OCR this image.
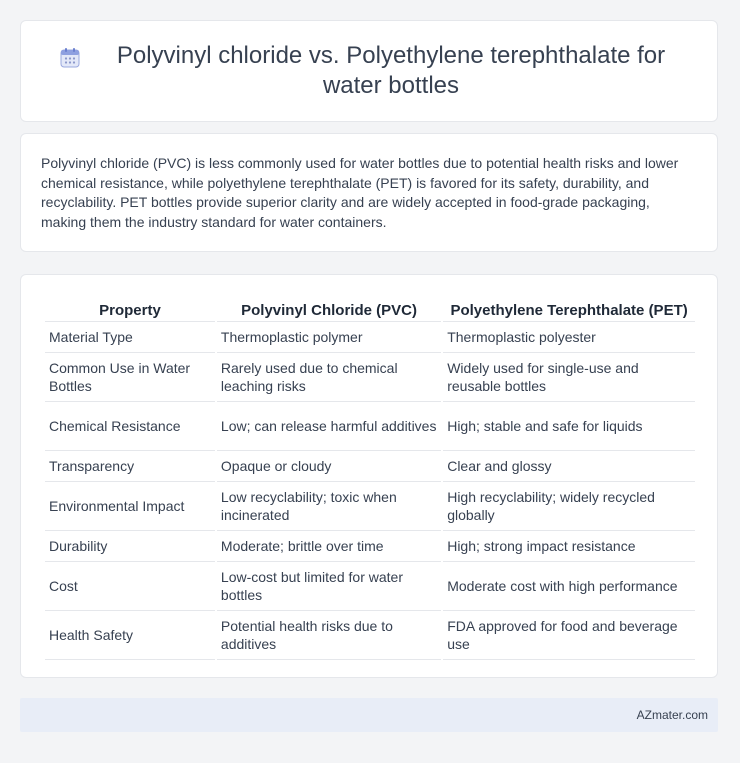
Polyvinyl chloride vs. Polyethylene terephthalate for water bottles

Polyvinyl chloride (PVC) is less commonly used for water bottles due to potential health risks and lower chemical resistance, while polyethylene terephthalate (PET) is favored for its safety, durability, and recyclability. PET bottles provide superior clarity and are widely accepted in food-grade packaging, making them the industry standard for water containers.

Property	Polyvinyl Chloride (PVC)	Polyethylene Terephthalate (PET)
Material Type	Thermoplastic polymer	Thermoplastic polyester
Common Use in Water Bottles	Rarely used due to chemical leaching risks	Widely used for single-use and reusable bottles
Chemical Resistance	Low; can release harmful additives	High; stable and safe for liquids
Transparency	Opaque or cloudy	Clear and glossy
Environmental Impact	Low recyclability; toxic when incinerated	High recyclability; widely recycled globally
Durability	Moderate; brittle over time	High; strong impact resistance
Cost	Low-cost but limited for water bottles	Moderate cost with high performance
Health Safety	Potential health risks due to additives	FDA approved for food and beverage use
AZmater.com
